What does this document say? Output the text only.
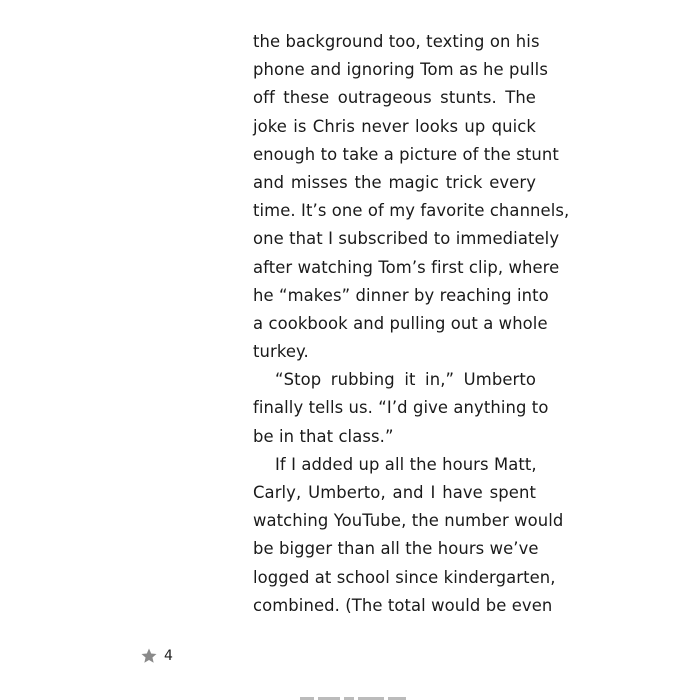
the background too, texting on his
phone and ignoring Tom as he pulls
off these outrageous stunts. The
joke is Chris never looks up quick
enough to take a picture of the stunt
and misses the magic trick every
time. It’s one of my favorite channels,
one that I subscribed to immediately
after watching Tom’s first clip, where
he “makes” dinner by reaching into
a cookbook and pulling out a whole
turkey.
“Stop rubbing it in,” Umberto
finally tells us. “I’d give anything to
be in that class.”
If I added up all the hours Matt,
Carly, Umberto, and I have spent
watching YouTube, the number would
be bigger than all the hours we’ve
logged at school since kindergarten,
combined. (The total would be even
4
